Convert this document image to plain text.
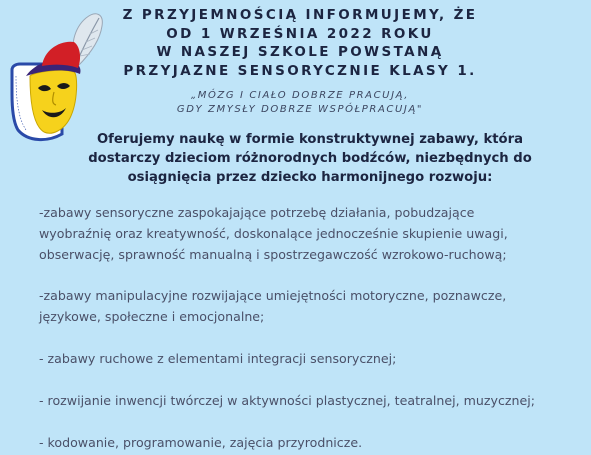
Z PRZYJEMNOŚCIĄ INFORMUJEMY, ŻE
OD 1 WRZEŚNIA 2022 ROKU
W NASZEJ SZKOLE POWSTANĄ
PRZYJAZNE SENSORYCZNIE KLASY 1.
„MÓZG I CIAŁO DOBRZE PRACUJĄ,
GDY ZMYSŁY DOBRZE WSPÓŁPRACUJĄ"
Oferujemy naukę w formie konstruktywnej zabawy, która
dostarczy dzieciom różnorodnych bodźców, niezbędnych do
osiągnięcia przez dziecko harmonijnego rozwoju:
-zabawy sensoryczne zaspokajające potrzebę działania, pobudzające
wyobraźnię oraz kreatywność, doskonalące jednocześnie skupienie uwagi,
obserwację, sprawność manualną i spostrzegawczość wzrokowo-ruchową;
-zabawy manipulacyjne rozwijające umiejętności motoryczne, poznawcze,
językowe, społeczne i emocjonalne;
- zabawy ruchowe z elementami integracji sensorycznej;
- rozwijanie inwencji twórczej w aktywności plastycznej, teatralnej, muzycznej;
- kodowanie, programowanie, zajęcia przyrodnicze.
